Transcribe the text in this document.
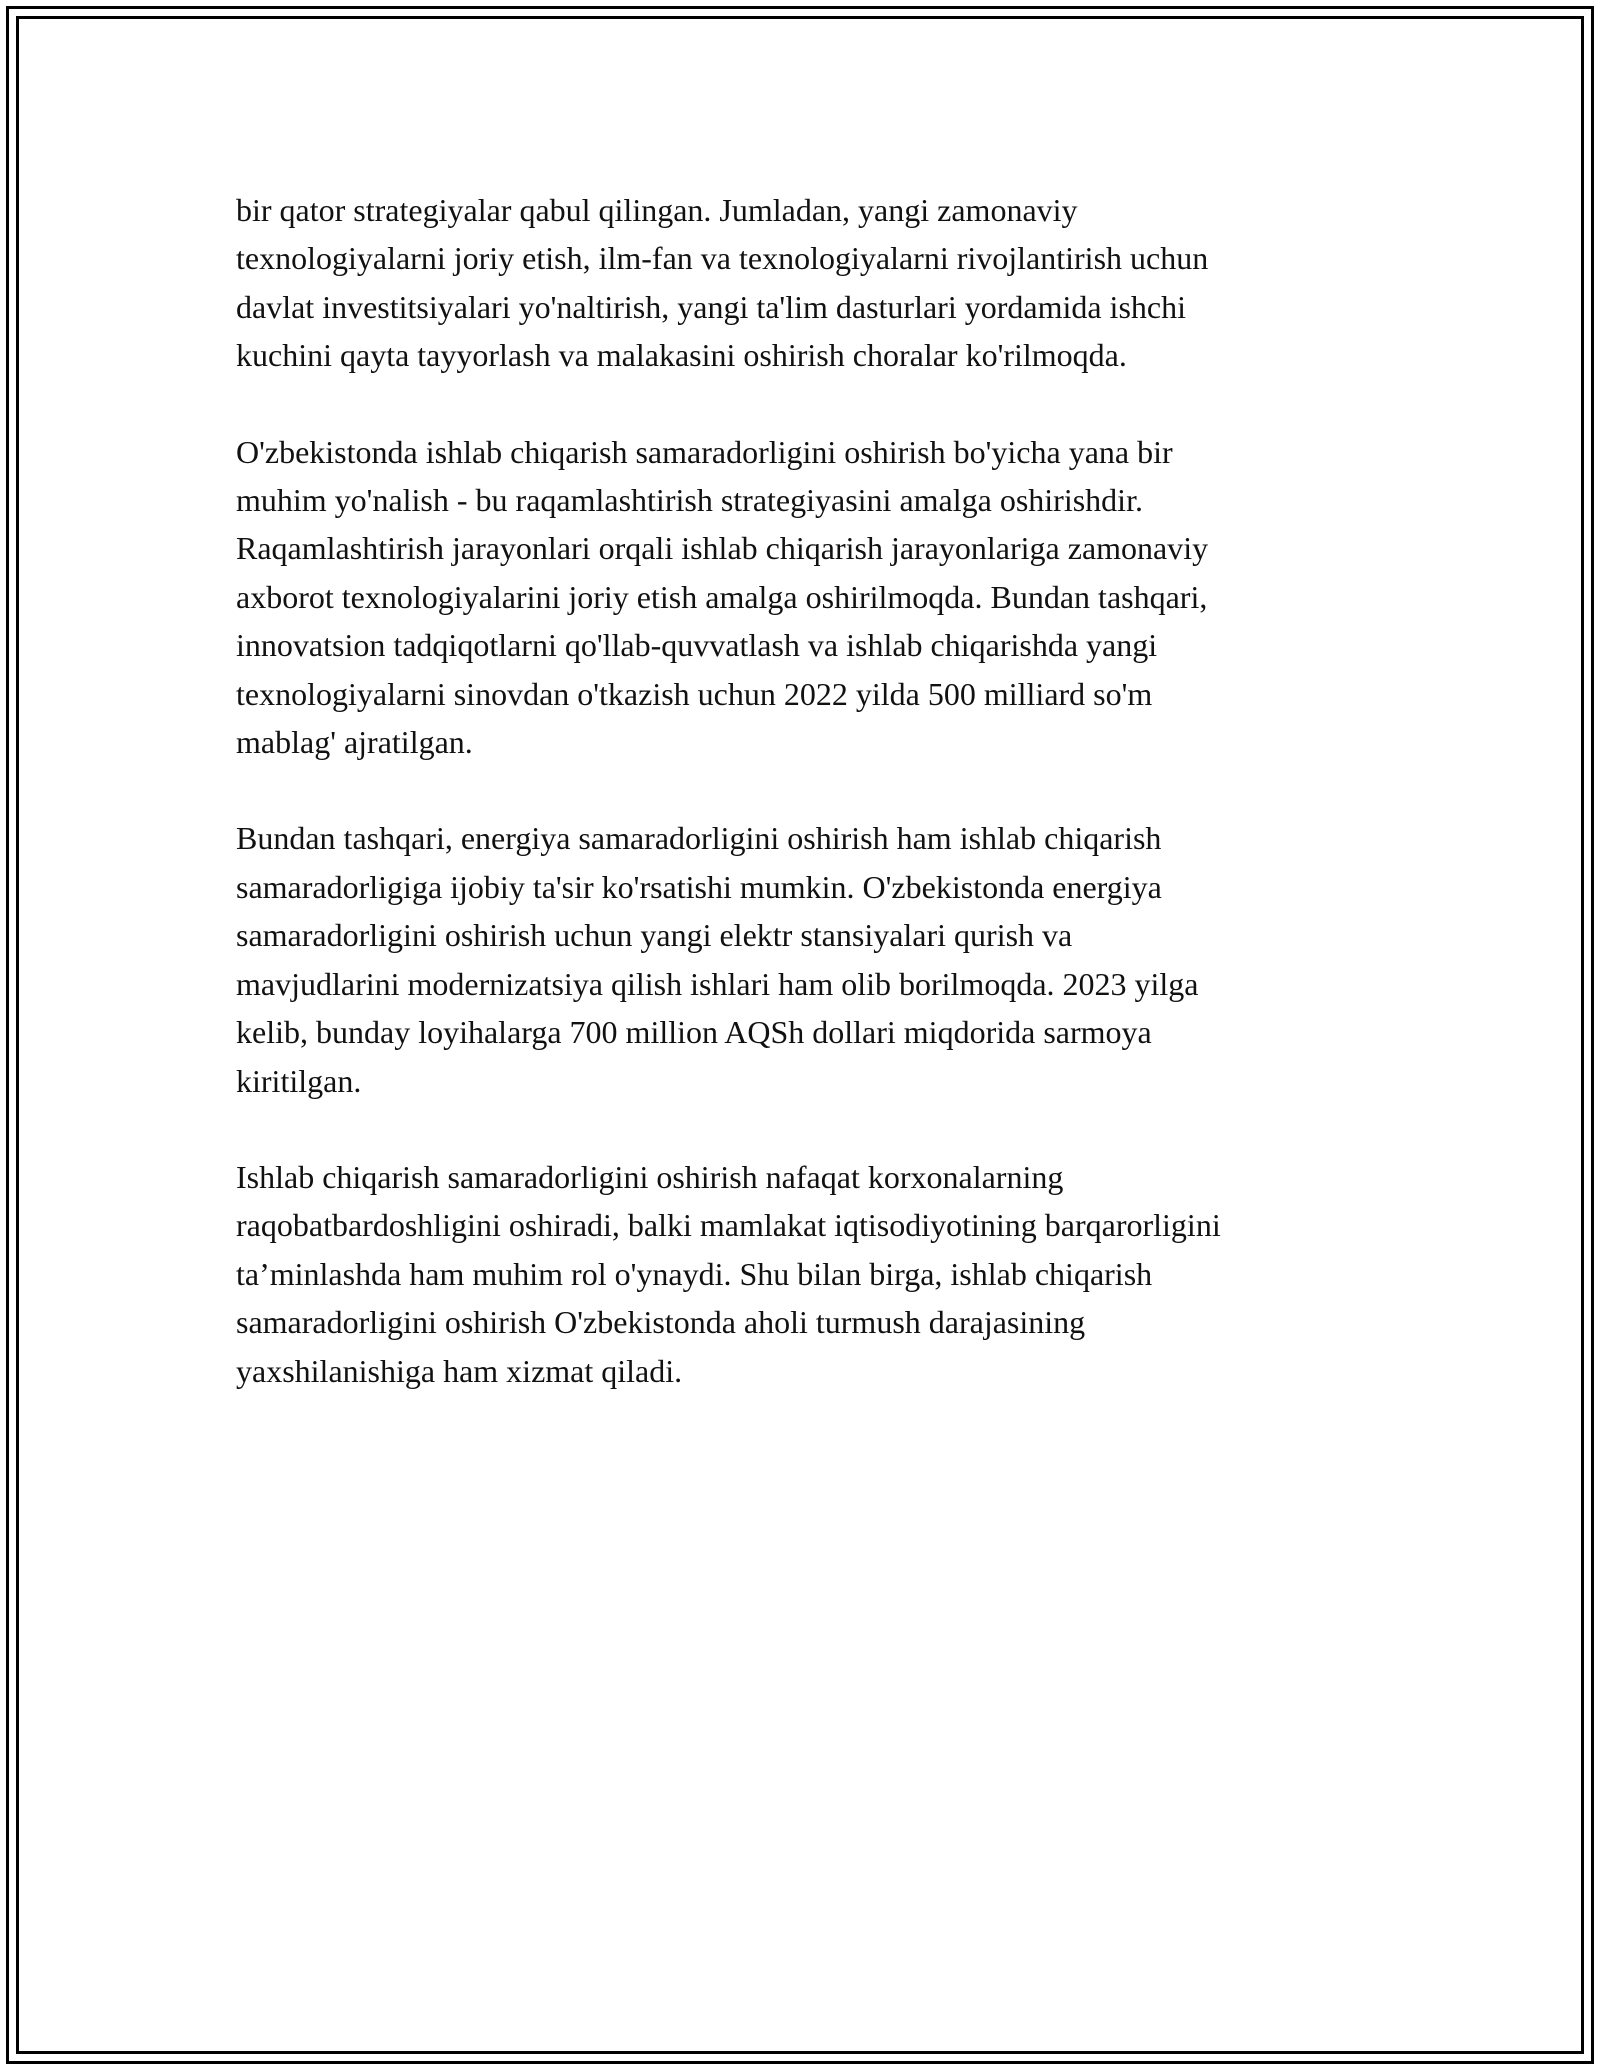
bir qator strategiyalar qabul qilingan. Jumladan, yangi zamonaviy
texnologiyalarni joriy etish, ilm-fan va texnologiyalarni rivojlantirish uchun
davlat investitsiyalari yo'naltirish, yangi ta'lim dasturlari yordamida ishchi
kuchini qayta tayyorlash va malakasini oshirish choralar ko'rilmoqda.

O'zbekistonda ishlab chiqarish samaradorligini oshirish bo'yicha yana bir
muhim yo'nalish - bu raqamlashtirish strategiyasini amalga oshirishdir.
Raqamlashtirish jarayonlari orqali ishlab chiqarish jarayonlariga zamonaviy
axborot texnologiyalarini joriy etish amalga oshirilmoqda. Bundan tashqari,
innovatsion tadqiqotlarni qo'llab-quvvatlash va ishlab chiqarishda yangi
texnologiyalarni sinovdan o'tkazish uchun 2022 yilda 500 milliard so'm
mablag' ajratilgan.

Bundan tashqari, energiya samaradorligini oshirish ham ishlab chiqarish
samaradorligiga ijobiy ta'sir ko'rsatishi mumkin. O'zbekistonda energiya
samaradorligini oshirish uchun yangi elektr stansiyalari qurish va
mavjudlarini modernizatsiya qilish ishlari ham olib borilmoqda. 2023 yilga
kelib, bunday loyihalarga 700 million AQSh dollari miqdorida sarmoya
kiritilgan.

Ishlab chiqarish samaradorligini oshirish nafaqat korxonalarning
raqobatbardoshligini oshiradi, balki mamlakat iqtisodiyotining barqarorligini
ta’minlashda ham muhim rol o'ynaydi. Shu bilan birga, ishlab chiqarish
samaradorligini oshirish O'zbekistonda aholi turmush darajasining
yaxshilanishiga ham xizmat qiladi.
